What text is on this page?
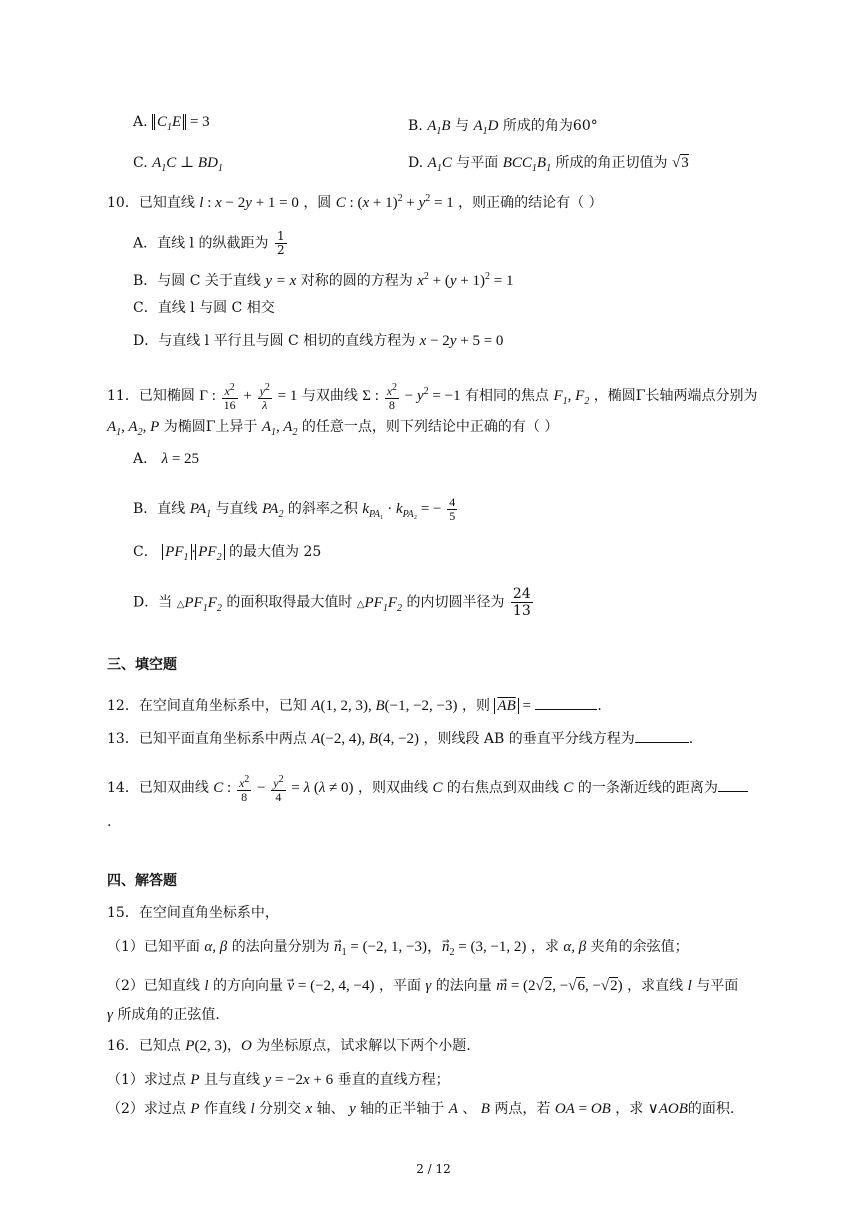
A. $C_1E = 3$	B. $A_1B$ 与 $A_1D$ 所成的角为60°
C. $A_1C$ ⊥ $BD_1$	D. $A_1C$ 与平面 $BCC_1B_1$ 所成的角正切值为 √3
10．已知直线 l : x − 2y + 1 = 0 ，圆 C : $(x + 1)^2 + y^2 = 1$ ，则正确的结论有（ ）
A．直线 l 的纵截距为 $\frac{1}{2}$
B．与圆 C 关于直线 y = x 对称的圆的方程为 $x^2 + (y + 1)^2 = 1$
C．直线 l 与圆 C 相交
D．与直线 l 平行且与圆 C 相切的直线方程为 x − 2y + 5 = 0
11．已知椭圆 Γ : $\frac{x^2}{16} + \frac{y^2}{\lambda} = 1$ 与双曲线 Σ : $\frac{x^2}{8} - y^2 = -1$ 有相同的焦点 $F_1$, $F_2$ ，椭圆Γ长轴两端点分别为
$A_1$, $A_2$, P 为椭圆Γ上异于 $A_1$, $A_2$ 的任意一点，则下列结论中正确的有（ ）
A． λ = 25
B．直线 $PA_1$ 与直线 $PA_2$ 的斜率之积 $k_{PA_1} \cdot k_{PA_2}$ = − $\frac{4}{5}$
C． $PF_1 \cdot PF_2$ 的最大值为 25
D．当 $\triangle PF_1F_2$ 的面积取得最大值时 $\triangle PF_1F_2$ 的内切圆半径为 $\frac{24}{13}$
三、填空题
12．在空间直角坐标系中，已知 A(1, 2, 3), B(−1, −2, −3) ，则 $\overline{AB}$ =	.
13．已知平面直角坐标系中两点 A(−2, 4), B(4, −2) ，则线段 AB 的垂直平分线方程为	.
14．已知双曲线 C : $\frac{x^2}{8} - \frac{y^2}{4} = \lambda$ (λ ≠ 0) ，则双曲线 C 的右焦点到双曲线 C 的一条渐近线的距离为
.
四、解答题
15．在空间直角坐标系中，
（1）已知平面 α, β 的法向量分别为 $n_1 = (-2$, 1, −3)，$n_2 = (3$, −1, 2) ，求 α, β 夹角的余弦值；
（2）已知直线 l 的方向向量 v⃗ = (−2, 4, −4) ，平面 γ 的法向量 m⃗ = (2√2, −√6, −√2) ，求直线 l 与平面
γ 所成角的正弦值.
16．已知点 P(2, 3)，O 为坐标原点，试求解以下两个小题.
（1）求过点 P 且与直线 y = −2x + 6 垂直的直线方程；
（2）求过点 P 作直线 l 分别交 x 轴、 y 轴的正半轴于 A 、 B 两点，若 OA = OB ，求 ∨AOB的面积.
2 / 12
